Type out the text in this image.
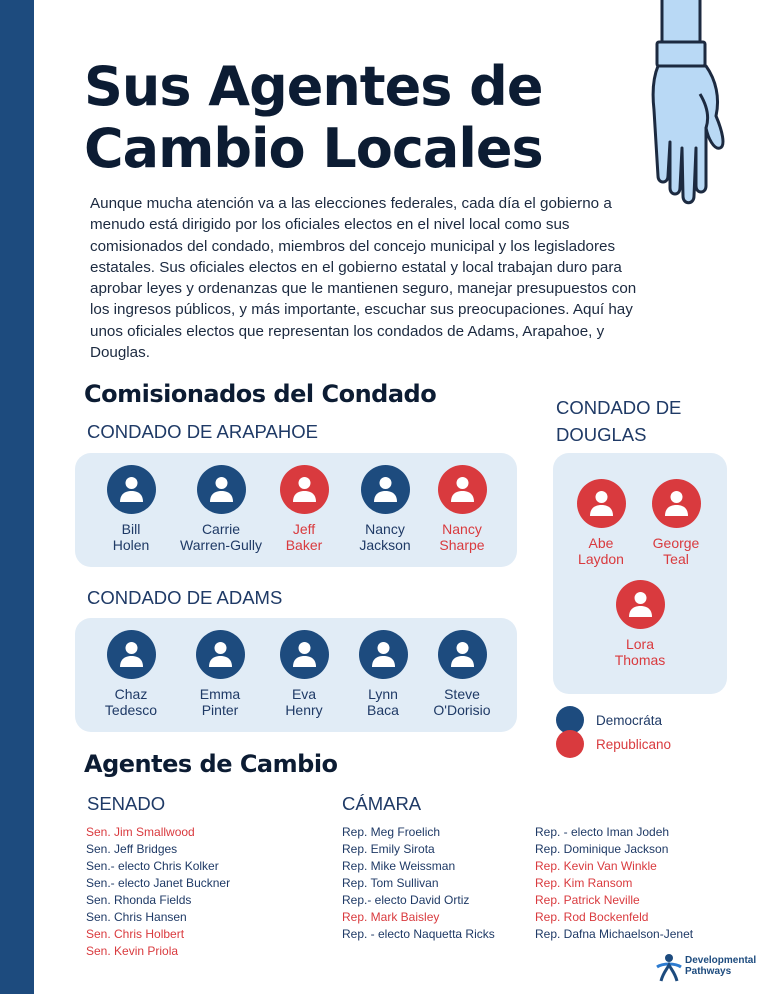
Sus Agentes de
Cambio Locales

Aunque mucha atención va a las elecciones federales, cada día el gobierno a menudo está dirigido por los oficiales electos en el nivel local como sus comisionados del condado, miembros del concejo municipal y los legisladores estatales. Sus oficiales electos en el gobierno estatal y local trabajan duro para aprobar leyes y ordenanzas que le mantienen seguro, manejar presupuestos con los ingresos públicos, y más importante, escuchar sus preocupaciones. Aquí hay unos oficiales electos que representan los condados de Adams, Arapahoe, y Douglas.

Comisionados del Condado
CONDADO DE ARAPAHOE
Bill
Holen
Carrie
Warren-Gully
Jeff
Baker
Nancy
Jackson
Nancy
Sharpe
CONDADO DE ADAMS
Chaz
Tedesco
Emma
Pinter
Eva
Henry
Lynn
Baca
Steve
O'Dorisio
CONDADO DE
DOUGLAS
Abe
Laydon
George
Teal
Lora
Thomas
Democráta
Republicano
Agentes de Cambio
SENADO	CÁMARA
Sen. Jim Smallwood
Sen. Jeff Bridges
Sen.- electo Chris Kolker
Sen.- electo Janet Buckner
Sen. Rhonda Fields
Sen. Chris Hansen
Sen. Chris Holbert
Sen. Kevin Priola
Rep. Meg Froelich
Rep. Emily Sirota
Rep. Mike Weissman
Rep. Tom Sullivan
Rep.- electo David Ortiz
Rep. Mark Baisley
Rep. - electo Naquetta Ricks
Rep. - electo Iman Jodeh
Rep. Dominique Jackson
Rep. Kevin Van Winkle
Rep. Kim Ransom
Rep. Patrick Neville
Rep. Rod Bockenfeld
Rep. Dafna Michaelson-Jenet
Developmental
Pathways
